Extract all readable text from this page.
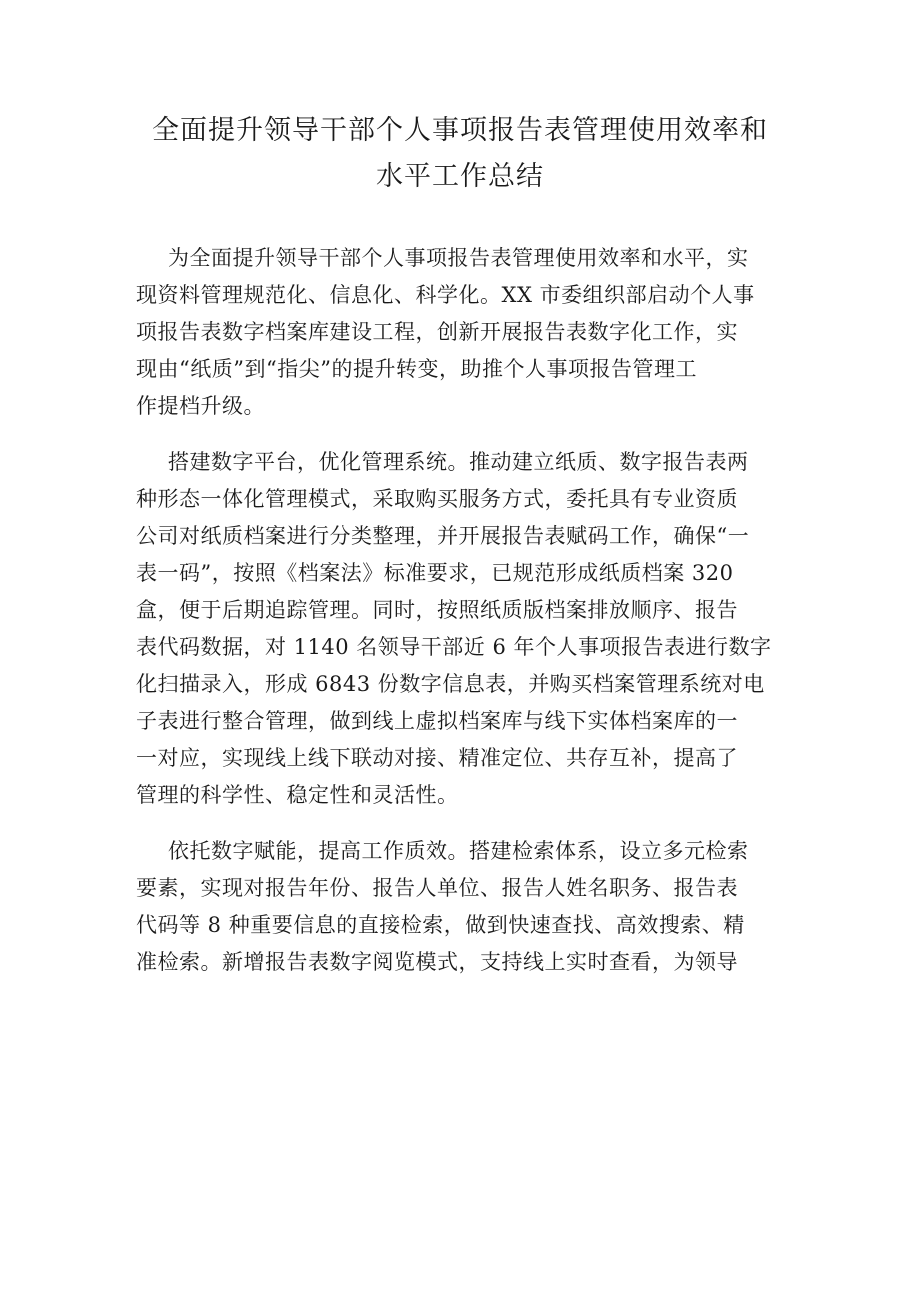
全面提升领导干部个人事项报告表管理使用效率和
水平工作总结
为全面提升领导干部个人事项报告表管理使用效率和水平，实
现资料管理规范化、信息化、科学化。XX 市委组织部启动个人事
项报告表数字档案库建设工程，创新开展报告表数字化工作，实
现由“纸质”到“指尖”的提升转变，助推个人事项报告管理工
作提档升级。
搭建数字平台，优化管理系统。推动建立纸质、数字报告表两
种形态一体化管理模式，采取购买服务方式，委托具有专业资质
公司对纸质档案进行分类整理，并开展报告表赋码工作，确保“一
表一码”，按照《档案法》标准要求，已规范形成纸质档案 320
盒，便于后期追踪管理。同时，按照纸质版档案排放顺序、报告
表代码数据，对 1140 名领导干部近 6 年个人事项报告表进行数字
化扫描录入，形成 6843 份数字信息表，并购买档案管理系统对电
子表进行整合管理，做到线上虚拟档案库与线下实体档案库的一
一对应，实现线上线下联动对接、精准定位、共存互补，提高了
管理的科学性、稳定性和灵活性。
依托数字赋能，提高工作质效。搭建检索体系，设立多元检索
要素，实现对报告年份、报告人单位、报告人姓名职务、报告表
代码等 8 种重要信息的直接检索，做到快速查找、高效搜索、精
准检索。新增报告表数字阅览模式，支持线上实时查看，为领导
